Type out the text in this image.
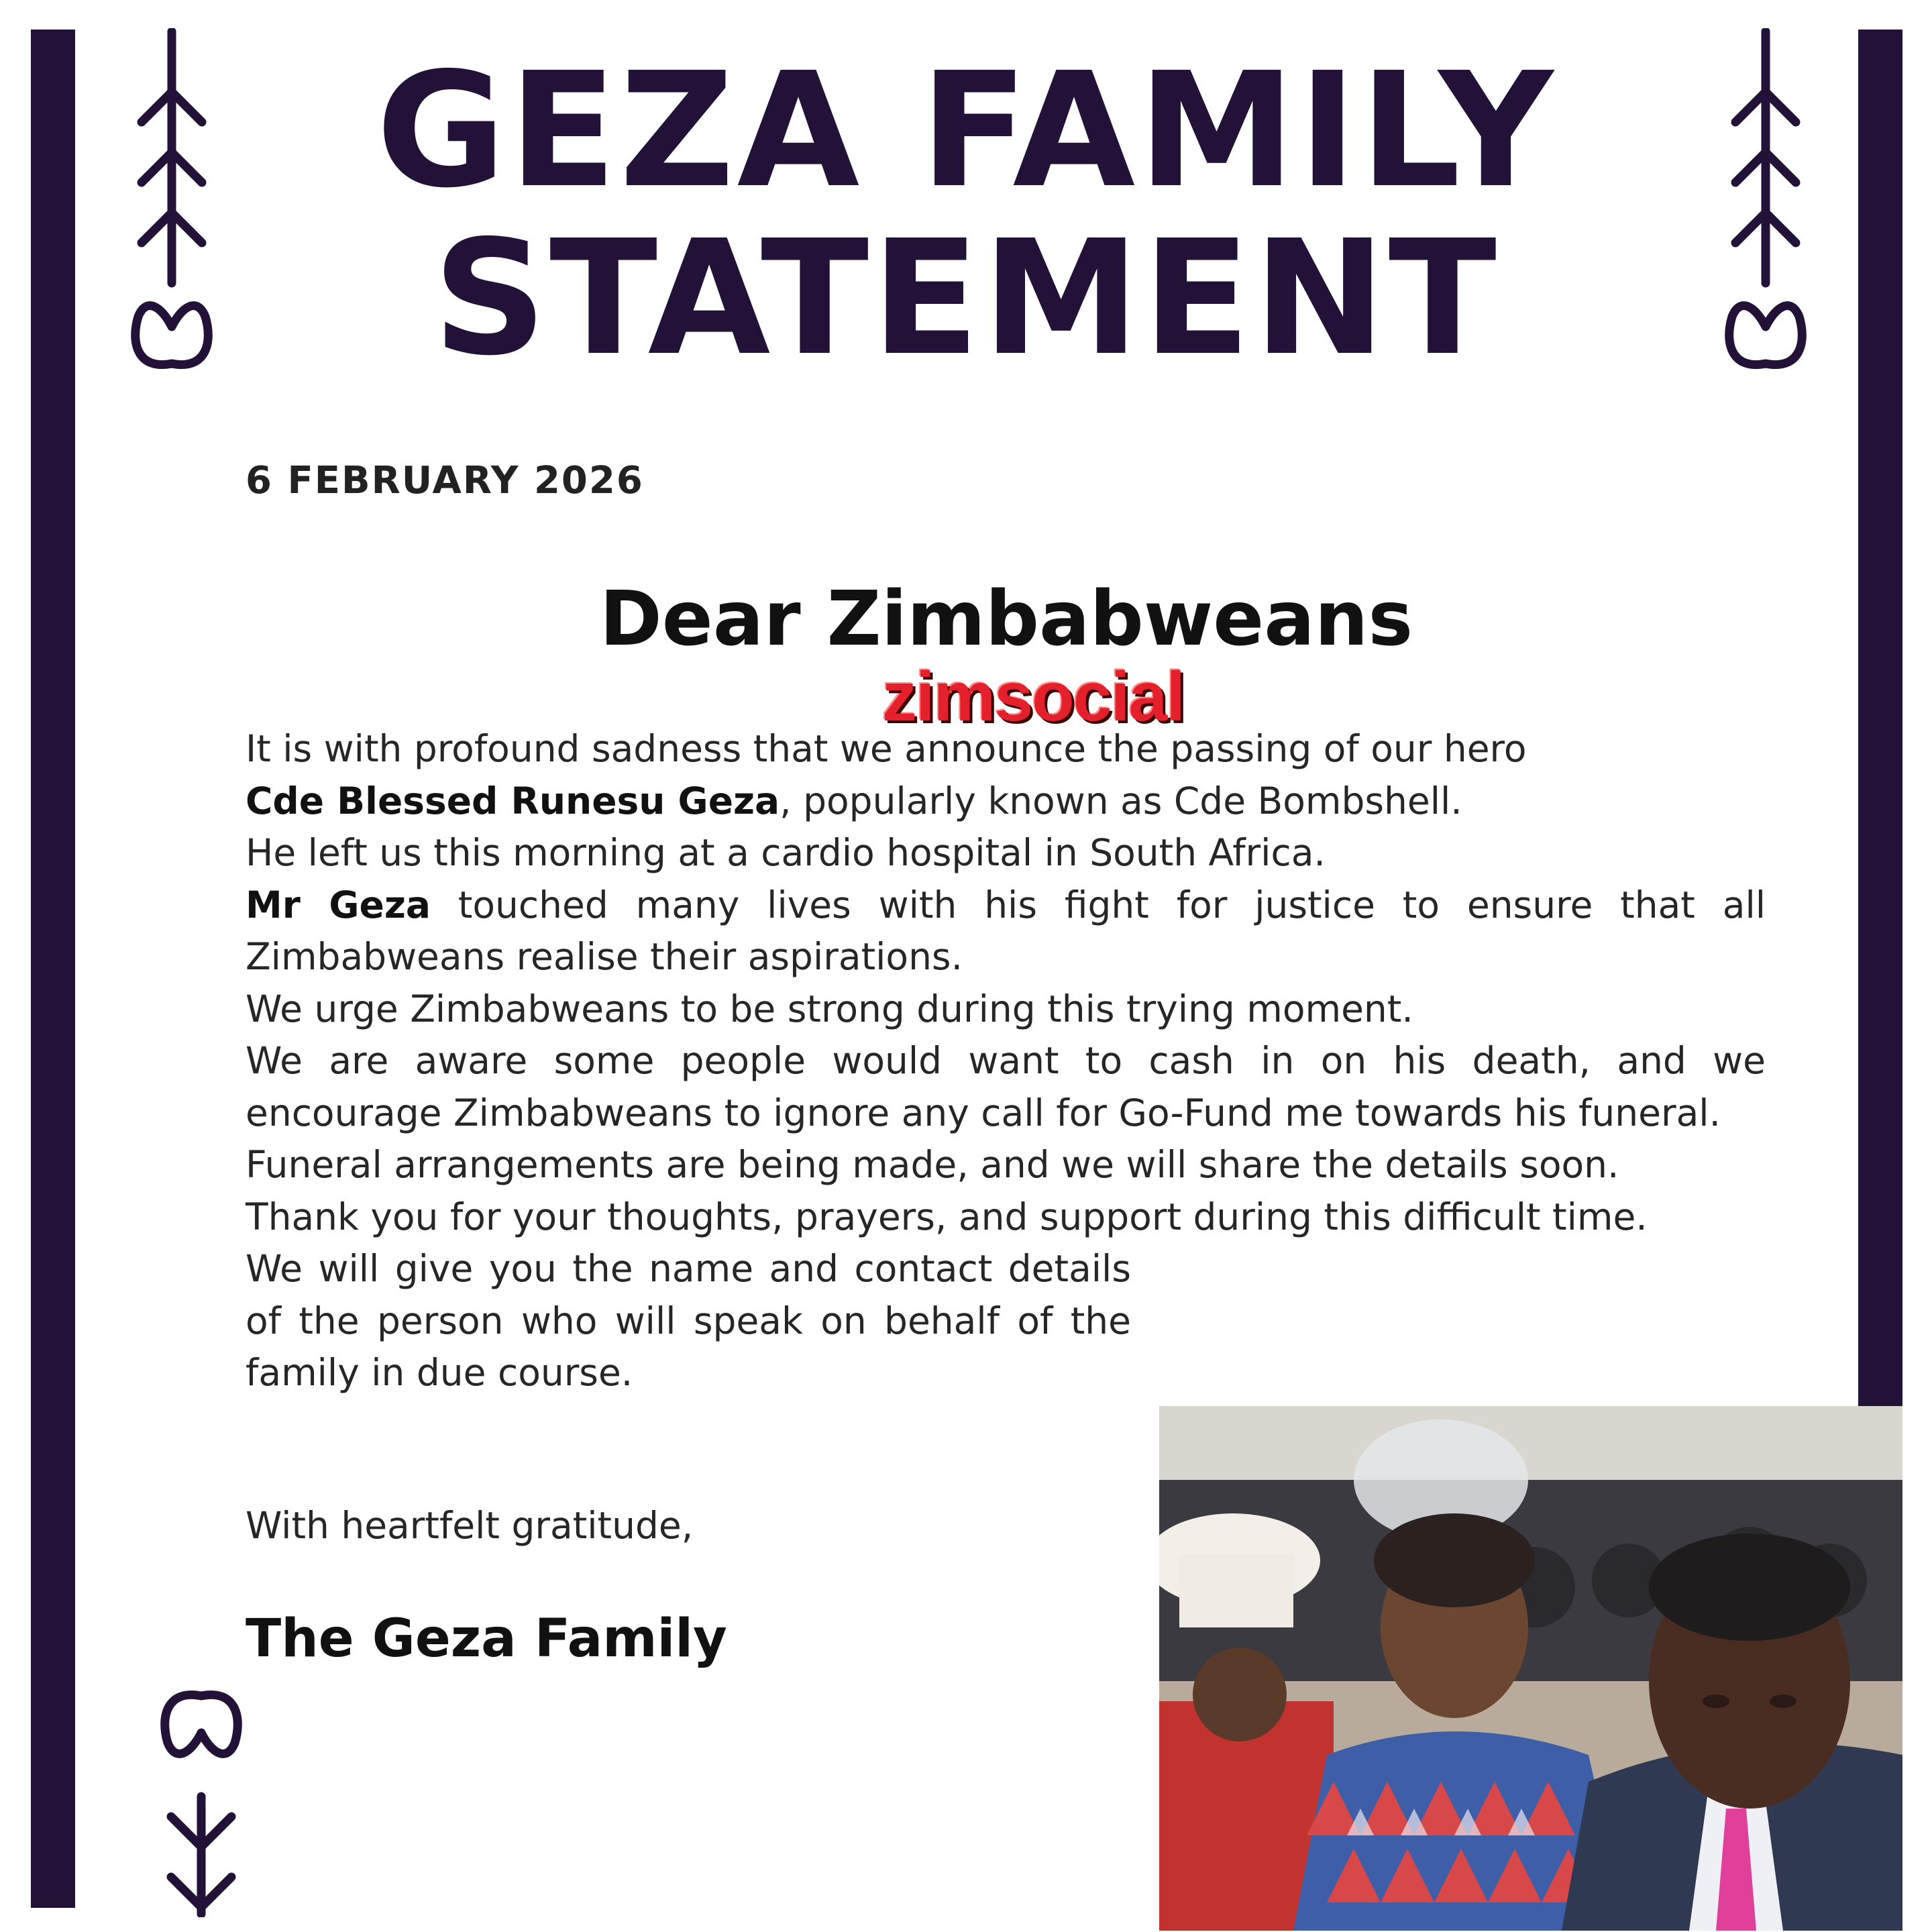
GEZA FAMILY
STATEMENT
6 FEBRUARY 2026
Dear Zimbabweans
zimsocial

It is with profound sadness that we announce the passing of our hero

Cde Blessed Runesu Geza, popularly known as Cde Bombshell.

He left us this morning at a cardio hospital in South Africa.

Mr Geza touched many lives with his fight for justice to ensure that all Zimbabweans realise their aspirations.

We urge Zimbabweans to be strong during this trying moment.

We are aware some people would want to cash in on his death, and we encourage Zimbabweans to ignore any call for Go-Fund me towards his funeral.

Funeral arrangements are being made, and we will share the details soon.

Thank you for your thoughts, prayers, and support during this difficult time.

We will give you the name and contact details of the person who will speak on behalf of the family in due course.

With heartfelt gratitude,
The Geza Family
